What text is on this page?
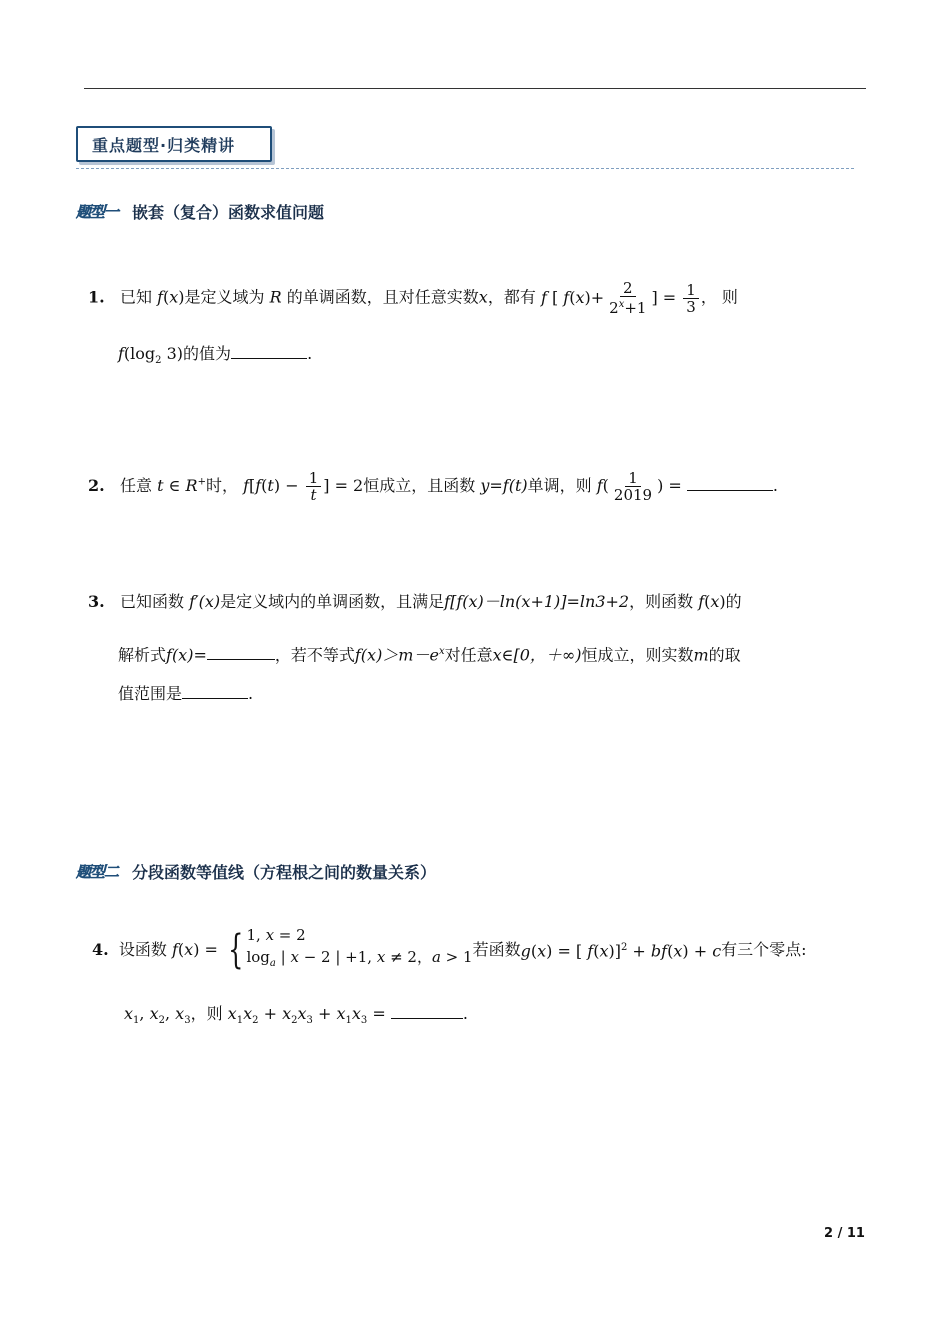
重点题型·归类精讲
题型一 嵌套（复合）函数求值问题
1. 已知 f(x)是定义域为 R 的单调函数，且对任意实数x，都有 f [ $f(x)+ \frac{2}{2^x+1}$ ] = $\frac{1}{3}$ ， 则
$f(\log_2$ 3)的值为	.
2. 任意 t ∈ R+时， $f[f(t) - \frac{1}{t}$ ] = 2恒成立，且函数 y=f(t)单调，则 $f( \frac{1}{2019}$ ) =	.
3. 已知函数 f′(x)是定义域内的单调函数，且满足f[f(x)－ln(x+1)]=ln3+2，则函数 f(x)的
解析式f(x)=	，若不等式$f(x)>m-e^x$对任意x∈[0，＋∞)恒成立，则实数m的取
值范围是	.
题型二 分段函数等值线（方程根之间的数量关系）
4.
设函数
f ( x ) = { 1, x = 2
$\log_a$ | x − 2 | +1, x ≠ 2，a > 1 若函数 g(x) = [ f(x)]$^2$ + bf(x) + c 有三个零点:
$x_1$, $x_2$, $x_3$，则 $x_1x_2 + x_2x_3 + x_1x_3$ =	.
2 / 11
